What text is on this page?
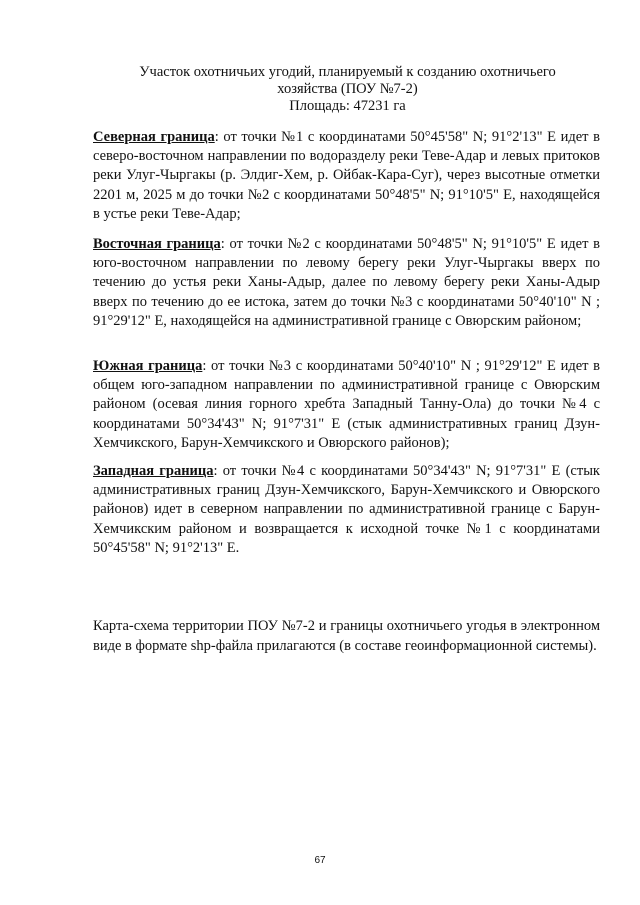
Участок охотничьих угодий, планируемый к созданию охотничьего
хозяйства (ПОУ №7-2)
Площадь: 47231 га

Северная граница: от точки №1 с координатами 50°45'58" N; 91°2'13" E идет в северо-восточном направлении по водоразделу реки Теве-Адар и левых притоков реки Улуг-Чыргакы (р. Элдиг-Хем, р. Ойбак-Кара-Суг), через высотные отметки 2201 м, 2025 м до точки №2 с координатами 50°48'5" N; 91°10'5" E, находящейся в устье реки Теве-Адар;

Восточная граница: от точки №2 с координатами 50°48'5" N; 91°10'5" E идет в юго-восточном направлении по левому берегу реки Улуг-Чыргакы вверх по течению до устья реки Ханы-Адыр, далее по левому берегу реки Ханы-Адыр вверх по течению до ее истока, затем до точки №3 с координатами 50°40'10" N ; 91°29'12" E, находящейся на административной границе с Овюрским районом;

Южная граница: от точки №3 с координатами 50°40'10" N ; 91°29'12" E идет в общем юго-западном направлении по административной границе с Овюрским районом (осевая линия горного хребта Западный Танну-Ола) до точки №4 с координатами 50°34'43" N; 91°7'31" E (стык административных границ Дзун-Хемчикского, Барун-Хемчикского и Овюрского районов);

Западная граница: от точки №4 с координатами 50°34'43" N; 91°7'31" E (стык административных границ Дзун-Хемчикского, Барун-Хемчикского и Овюрского районов) идет в северном направлении по административной границе с Барун-Хемчикским районом и возвращается к исходной точке №1 с координатами 50°45'58" N; 91°2'13" E.

Карта-схема территории ПОУ №7-2 и границы охотничьего угодья в электронном виде в формате shp-файла прилагаются (в составе геоинформационной системы).

67
